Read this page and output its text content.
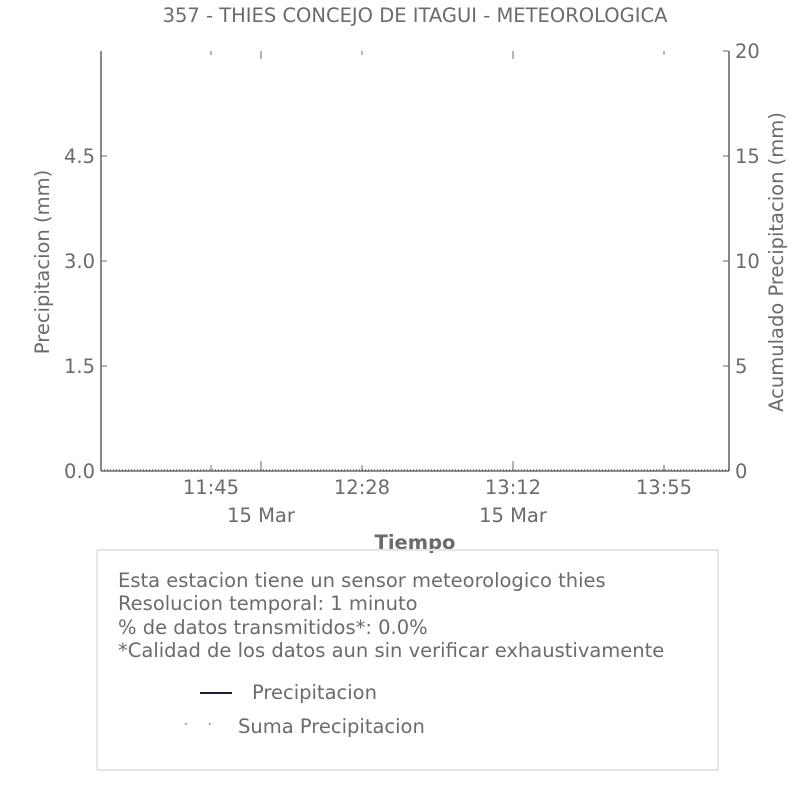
357 - THIES CONCEJO DE ITAGUI - METEOROLOGICA
0.0
1.5
3.0
4.5
0
5
10
15
20
11:45	12:28	13:12	13:55
15 Mar	15 Mar
Precipitacion (mm)	Acumulado Precipitacion (mm)
Tiempo
Esta estacion tiene un sensor meteorologico thies
Resolucion temporal: 1 minuto
% de datos transmitidos*: 0.0%
*Calidad de los datos aun sin verificar exhaustivamente
Precipitacion
·· Suma Precipitacion
